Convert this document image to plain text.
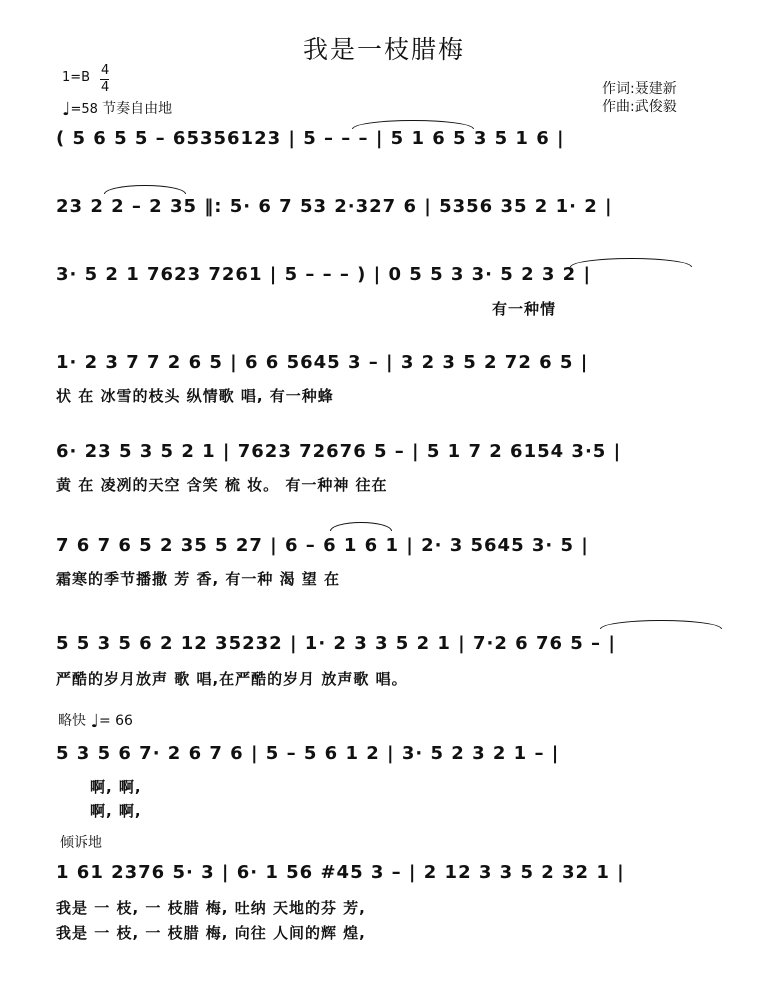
我是一枝腊梅
1=B 4
4
♩=58 节奏自由地
作词:聂建新
作曲:武俊毅
( 5 6 5 5 – 65356123 | 5 – – – | 5 1 6 5 3 5 1 6 |
23 2 2 – 2 35 ‖: 5· 6 7 53 2·327 6 | 5356 35 2 1· 2 |
3· 5 2 1 7623 7261 | 5 – – – ) | 0 5 5 3 3· 5 2 3 2 |
有一种情
1· 2 3 7 7 2 6 5 | 6 6 5645 3 – | 3 2 3 5 2 72 6 5 |
状 在 冰雪的枝头 纵情歌 唱, 有一种蜂
6· 23 5 3 5 2 1 | 7623 72676 5 – | 5 1 7 2 6154 3·5 |
黄 在 凌冽的天空 含笑 梳 妆。 有一种神 往在
7 6 7 6 5 2 35 5 27 | 6 – 6 1 6 1 | 2· 3 5645 3· 5 |
霜寒的季节播撒 芳 香, 有一种 渴 望 在
5 5 3 5 6 2 12 35232 | 1· 2 3 3 5 2 1 | 7·2 6 76 5 – |
严酷的岁月放声 歌 唱,在严酷的岁月 放声歌 唱。
略快 ♩= 66
5 3 5 6 7· 2 6 7 6 | 5 – 5 6 1 2 | 3· 5 2 3 2 1 – |
啊, 啊,
啊, 啊,
倾诉地
1 61 2376 5· 3 | 6· 1 56 #45 3 – | 2 12 3 3 5 2 32 1 |
我是 一 枝, 一 枝腊 梅, 吐纳 天地的芬 芳,
我是 一 枝, 一 枝腊 梅, 向往 人间的辉 煌,
